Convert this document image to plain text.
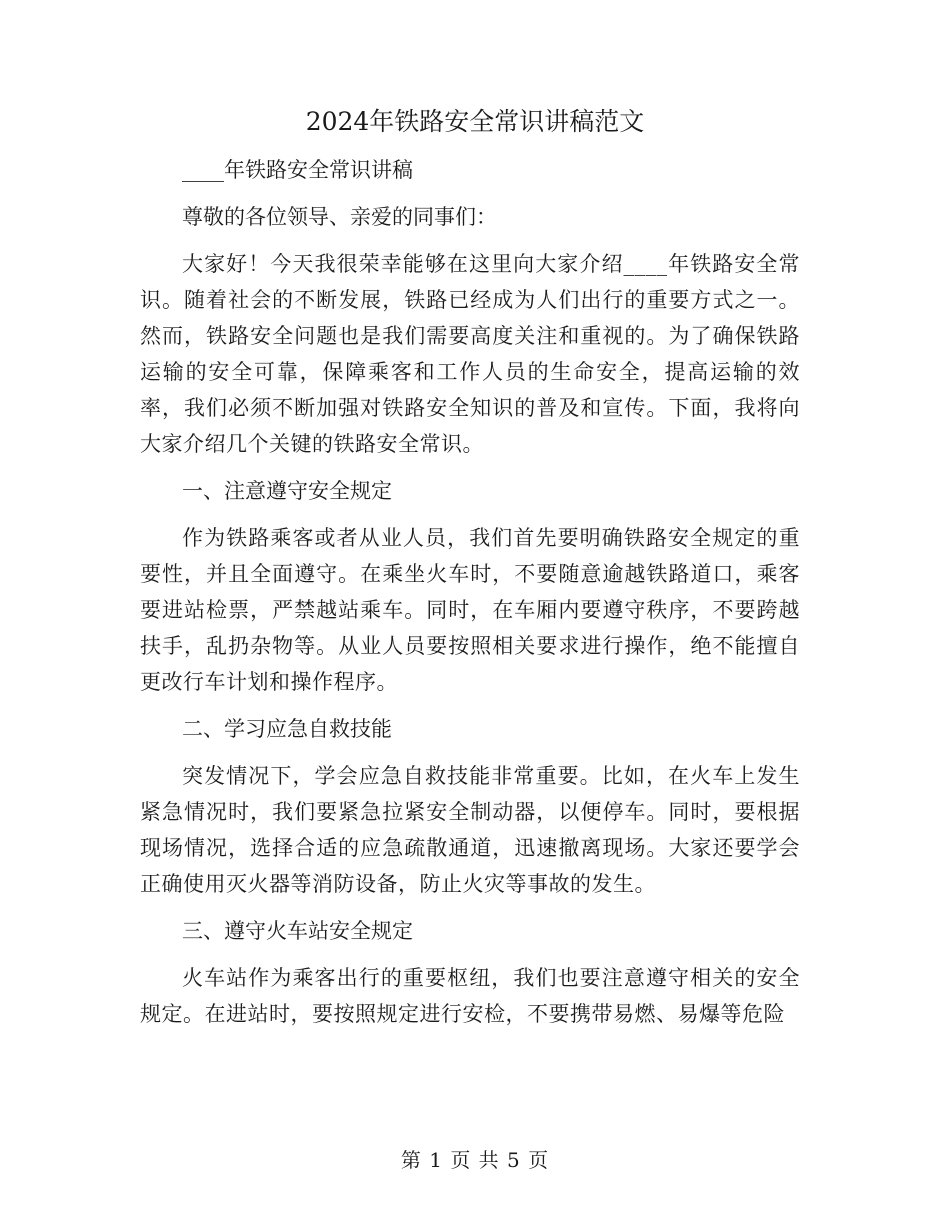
2024年铁路安全常识讲稿范文

____年铁路安全常识讲稿

尊敬的各位领导、亲爱的同事们：

大家好！今天我很荣幸能够在这里向大家介绍____年铁路安全常识。随着社会的不断发展，铁路已经成为人们出行的重要方式之一。然而，铁路安全问题也是我们需要高度关注和重视的。为了确保铁路运输的安全可靠，保障乘客和工作人员的生命安全，提高运输的效率，我们必须不断加强对铁路安全知识的普及和宣传。下面，我将向大家介绍几个关键的铁路安全常识。

一、注意遵守安全规定

作为铁路乘客或者从业人员，我们首先要明确铁路安全规定的重要性，并且全面遵守。在乘坐火车时，不要随意逾越铁路道口，乘客要进站检票，严禁越站乘车。同时，在车厢内要遵守秩序，不要跨越扶手，乱扔杂物等。从业人员要按照相关要求进行操作，绝不能擅自更改行车计划和操作程序。

二、学习应急自救技能

突发情况下，学会应急自救技能非常重要。比如，在火车上发生紧急情况时，我们要紧急拉紧安全制动器，以便停车。同时，要根据现场情况，选择合适的应急疏散通道，迅速撤离现场。大家还要学会正确使用灭火器等消防设备，防止火灾等事故的发生。

三、遵守火车站安全规定

火车站作为乘客出行的重要枢纽，我们也要注意遵守相关的安全规定。在进站时，要按照规定进行安检，不要携带易燃、易爆等危险

第 1 页 共 5 页
